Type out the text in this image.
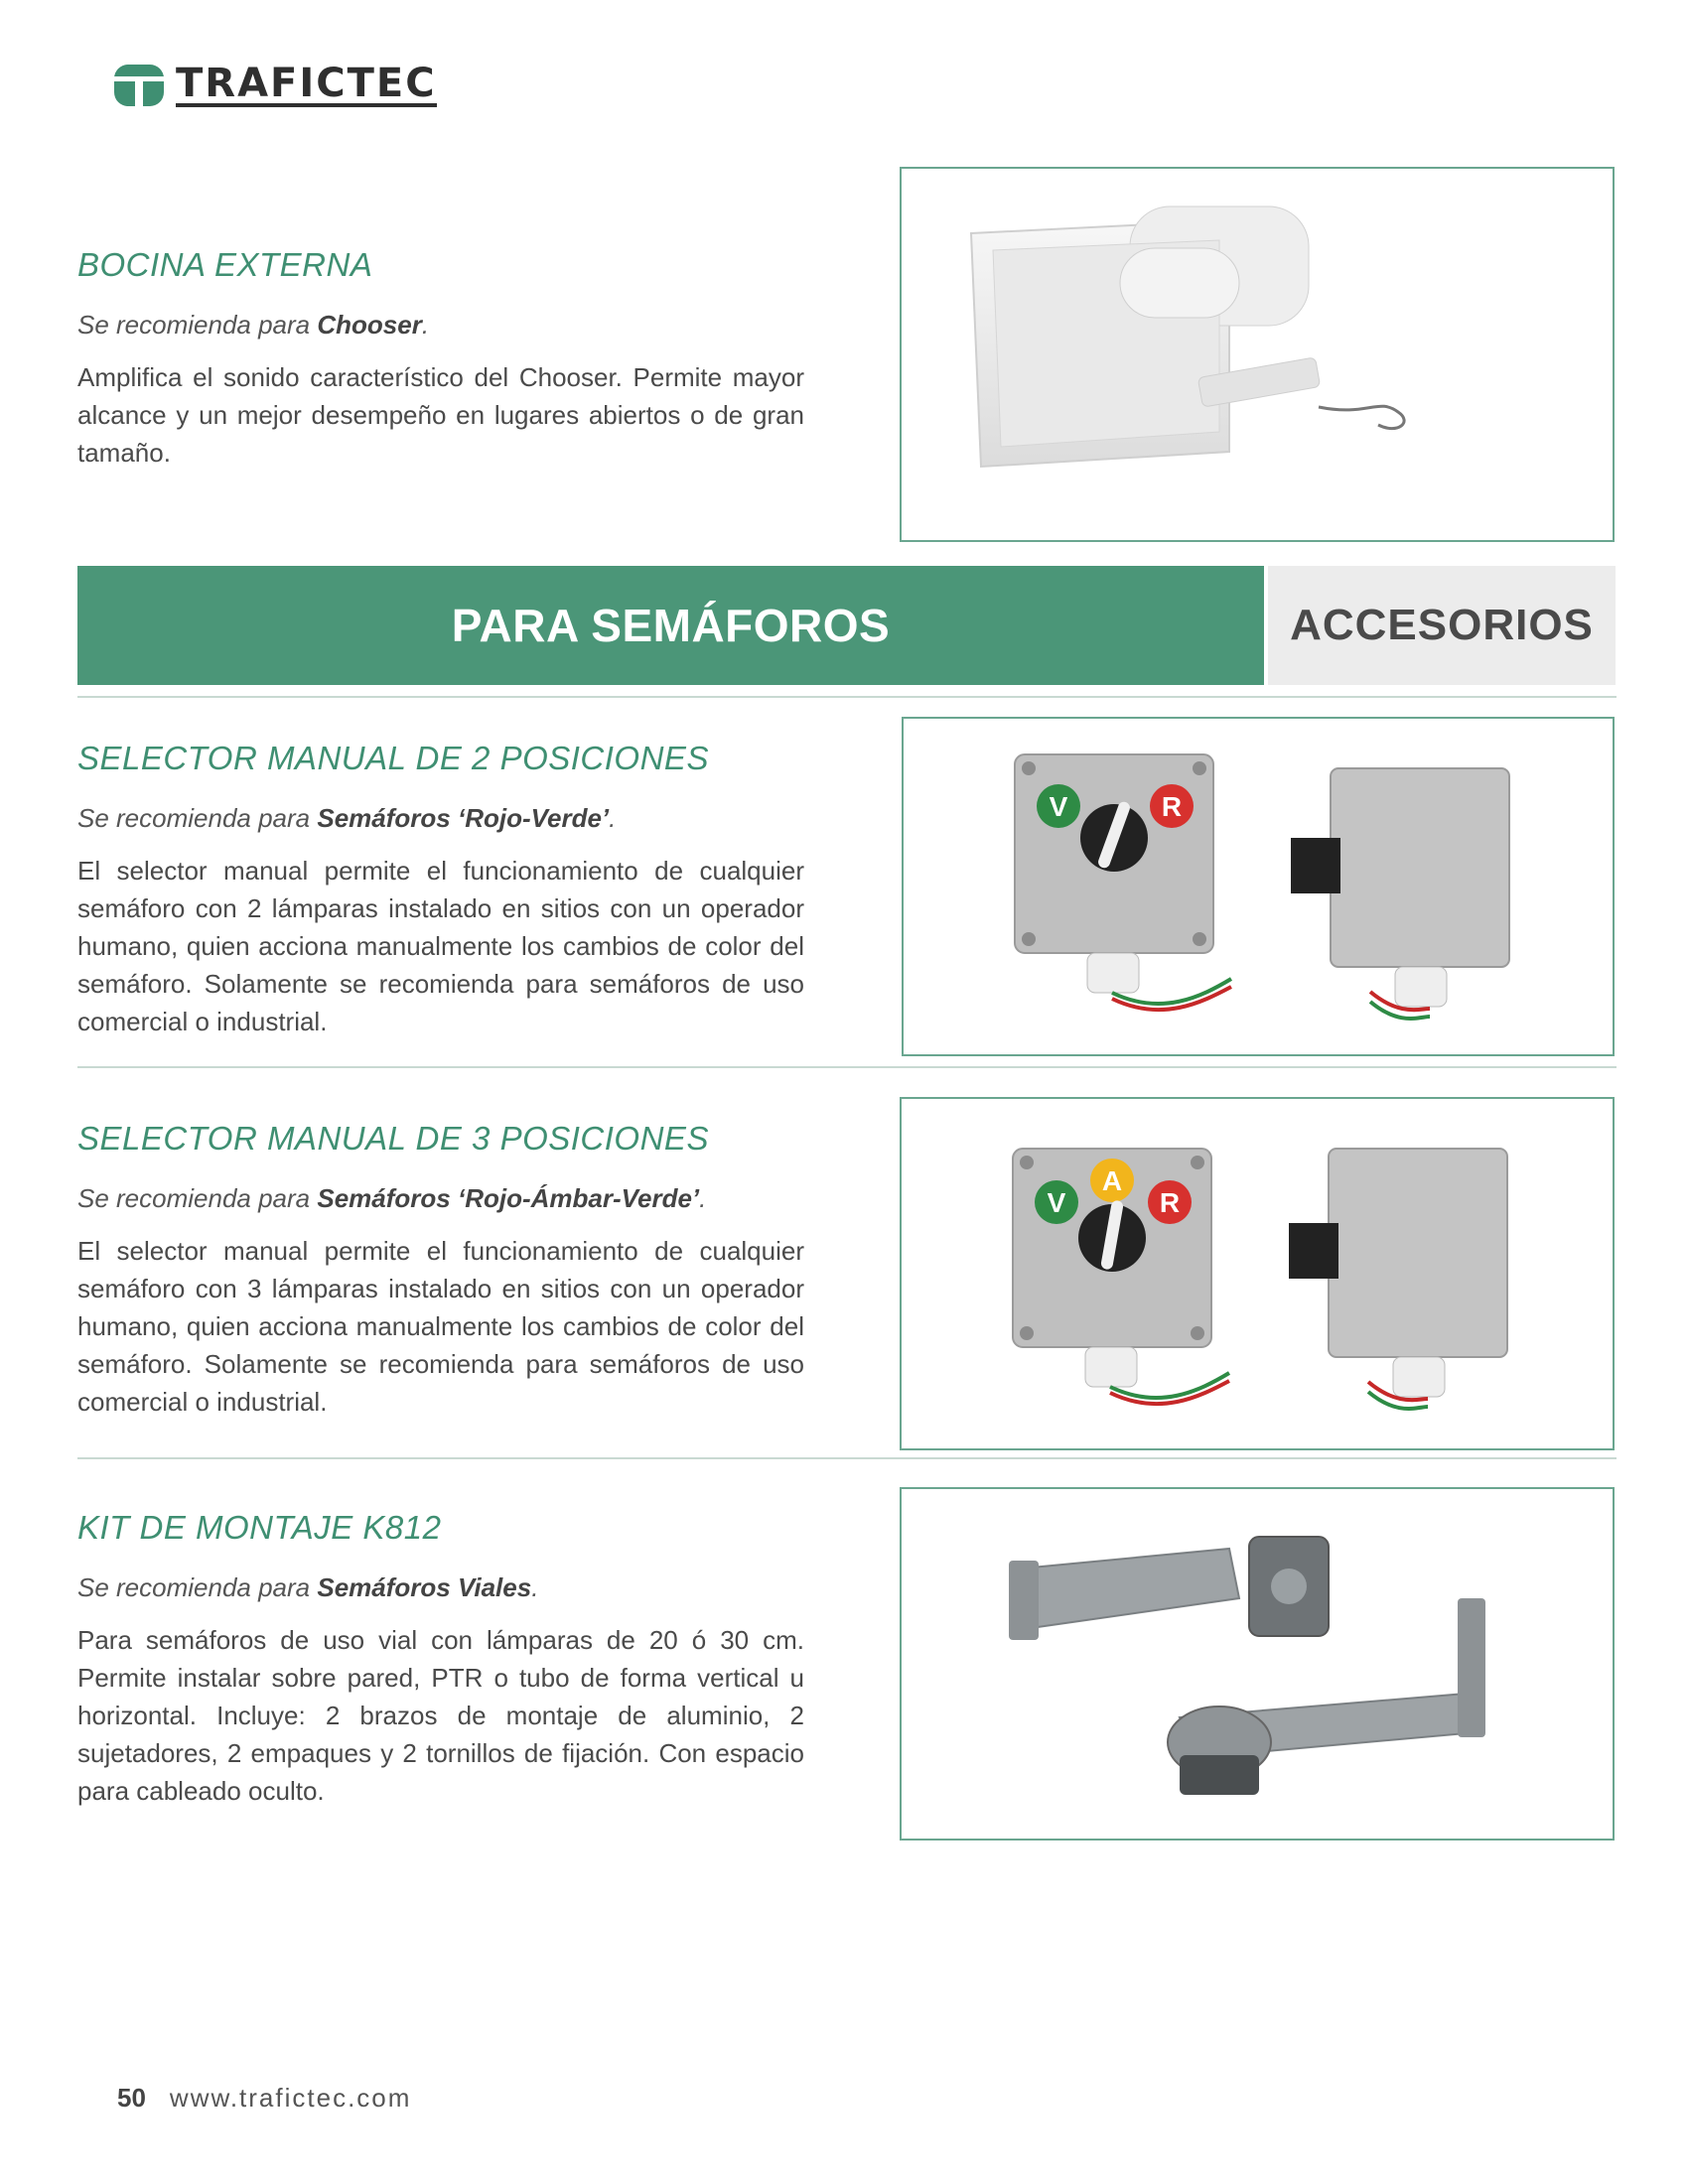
TRAFICTEC
BOCINA EXTERNA
Se recomienda para Chooser.
Amplifica el sonido característico del Chooser. Permite mayor alcance y un mejor desempeño en lugares abiertos o de gran tamaño.
PARA SEMÁFOROS	ACCESORIOS
SELECTOR MANUAL DE 2 POSICIONES
Se recomienda para Semáforos ‘Rojo-Verde’.
El selector manual permite el funcionamiento de cualquier semáforo con 2 lámparas instalado en sitios con un operador humano, quien acciona manualmente los cambios de color del semáforo. Solamente se recomienda para semáforos de uso comercial o industrial.
V	R
SELECTOR MANUAL DE 3 POSICIONES
Se recomienda para Semáforos ‘Rojo-Ámbar-Verde’.
El selector manual permite el funcionamiento de cualquier semáforo con 3 lámparas instalado en sitios con un operador humano, quien acciona manualmente los cambios de color del semáforo. Solamente se recomienda para semáforos de uso comercial o industrial.
V
A
R
KIT DE MONTAJE K812
Se recomienda para Semáforos Viales.
Para semáforos de uso vial con lámparas de 20 ó 30 cm. Permite instalar sobre pared, PTR o tubo de forma vertical u horizontal. Incluye: 2 brazos de montaje de aluminio, 2 sujetadores, 2 empaques y 2 tornillos de fijación. Con espacio para cableado oculto.
50 www.trafictec.com
